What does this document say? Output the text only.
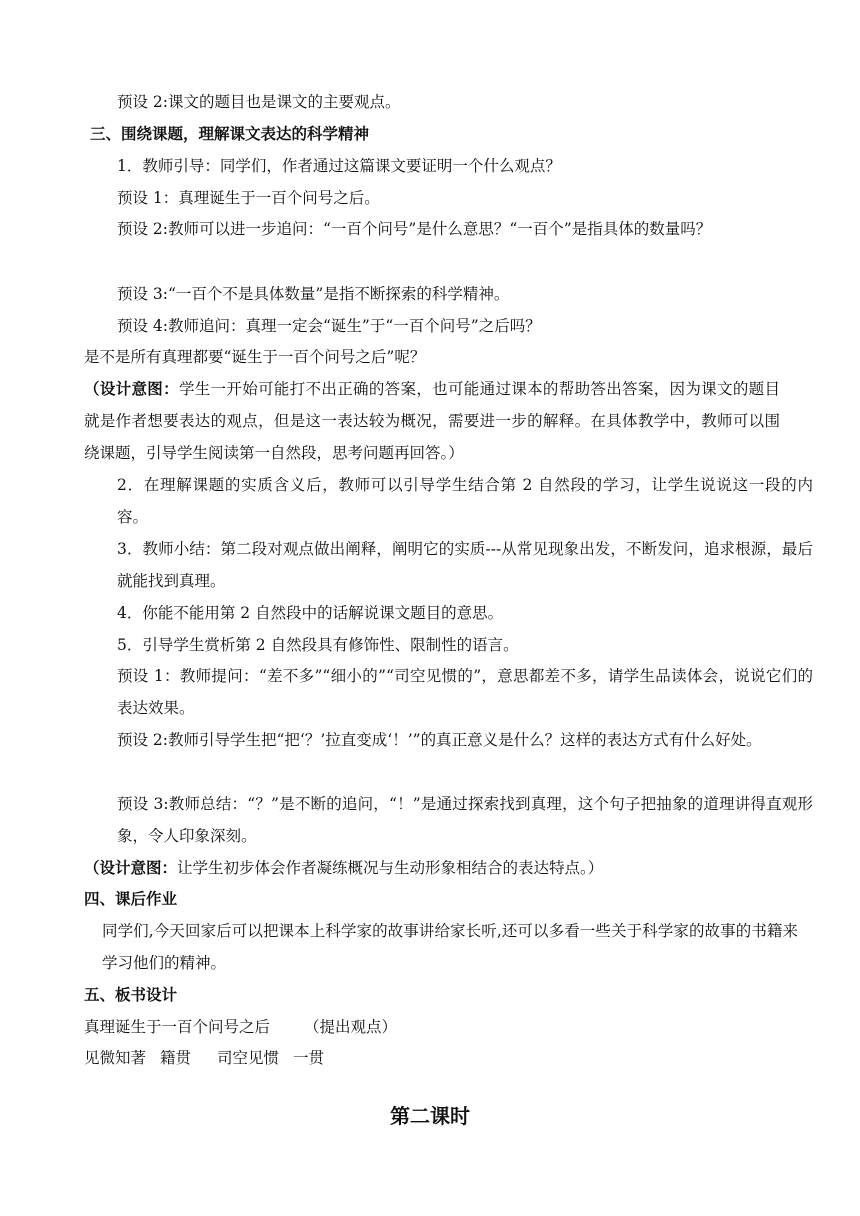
预设 2:课文的题目也是课文的主要观点。

三、围绕课题，理解课文表达的科学精神

1．教师引导：同学们，作者通过这篇课文要证明一个什么观点？

预设 1：真理诞生于一百个问号之后。

预设 2:教师可以进一步追问：“一百个问号”是什么意思？“一百个”是指具体的数量吗？

预设 3:“一百个不是具体数量”是指不断探索的科学精神。

预设 4:教师追问：真理一定会“诞生”于“一百个问号”之后吗？

是不是所有真理都要“诞生于一百个问号之后”呢？

（设计意图：学生一开始可能打不出正确的答案，也可能通过课本的帮助答出答案，因为课文的题目就是作者想要表达的观点，但是这一表达较为概况，需要进一步的解释。在具体教学中，教师可以围绕课题，引导学生阅读第一自然段，思考问题再回答。）

2．在理解课题的实质含义后，教师可以引导学生结合第 2 自然段的学习，让学生说说这一段的内容。

3．教师小结：第二段对观点做出阐释，阐明它的实质---从常见现象出发，不断发问，追求根源，最后就能找到真理。

4．你能不能用第 2 自然段中的话解说课文题目的意思。

5．引导学生赏析第 2 自然段具有修饰性、限制性的语言。

预设 1：教师提问：“差不多”“细小的”“司空见惯的”，意思都差不多，请学生品读体会，说说它们的表达效果。

预设 2:教师引导学生把“把‘？’拉直变成‘！’”的真正意义是什么？这样的表达方式有什么好处。

预设 3:教师总结：“？”是不断的追问，“！”是通过探索找到真理，这个句子把抽象的道理讲得直观形象，令人印象深刻。

（设计意图：让学生初步体会作者凝练概况与生动形象相结合的表达特点。）

四、课后作业

同学们,今天回家后可以把课本上科学家的故事讲给家长听,还可以多看一些关于科学家的故事的书籍来学习他们的精神。

五、板书设计

真理诞生于一百个问号之后 （提出观点）

见微知著 籍贯 司空见惯 一贯

第二课时
